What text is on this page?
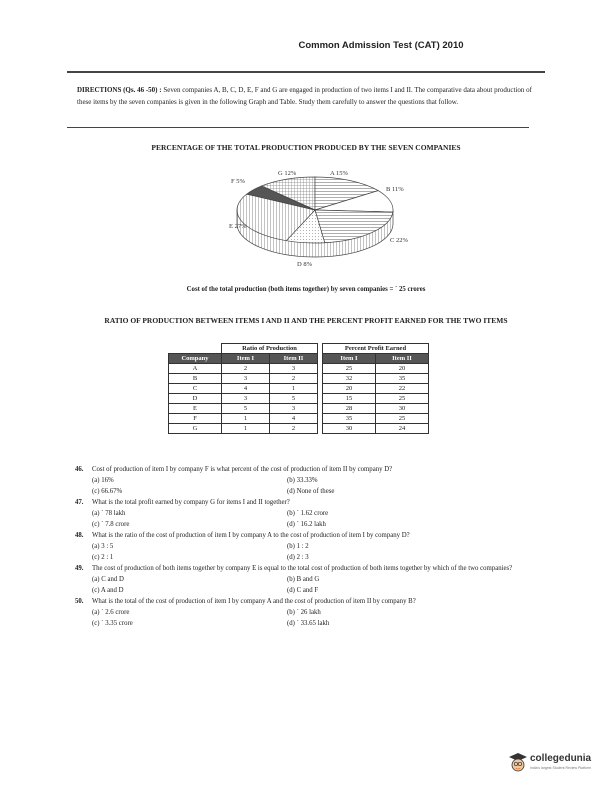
Common Admission Test (CAT) 2010
DIRECTIONS (Qs. 46 -50) : Seven companies A, B, C, D, E, F and G are engaged in production of two items I and II. The comparative data about production of these items by the seven companies is given in the following Graph and Table. Study them carefully to answer the questions that follow.
PERCENTAGE OF THE TOTAL PRODUCTION PRODUCED BY THE SEVEN COMPANIES
G 12%	A 15%
B 11%
C 22%
D 8%
E 27%
F 5%
Cost of the total production (both items together) by seven companies = ` 25 crores
RATIO OF PRODUCTION BETWEEN ITEMS I AND II AND THE PERCENT PROFIT EARNED FOR THE TWO ITEMS
	Ratio of Production			Percent Profit Earned	
Company	Item I	Item II		Item I	Item II
A	2	3		25	20
B	3	2		32	35
C	4	1		20	22
D	3	5		15	25
E	5	3		28	30
F	1	4		35	25
G	1	2		30	24
46.	Cost of production of item I by company F is what percent of the cost of production of item II by company D?
(a) 16%	(b) 33.33%
(c) 66.67%	(d) None of these
47.	What is the total profit earned by company G for items I and II together?
(a) ` 78 lakh	(b) ` 1.62 crore
(c) ` 7.8 crore	(d) ` 16.2 lakh
48.	What is the ratio of the cost of production of item I by company A to the cost of production of item I by company D?
(a) 3 : 5	(b) 1 : 2
(c) 2 : 1	(d) 2 : 3
49.	The cost of production of both items together by company E is equal to the total cost of production of both items together by which of the two companies?
(a) C and D	(b) B and G
(c) A and D	(d) C and F
50.	What is the total of the cost of production of item I by company A and the cost of production of item II by company B?
(a) ` 2.6 crore	(b) ` 26 lakh
(c) ` 3.35 crore	(d) ` 33.65 lakh
collegedunia
India's largest Student Review Platform
